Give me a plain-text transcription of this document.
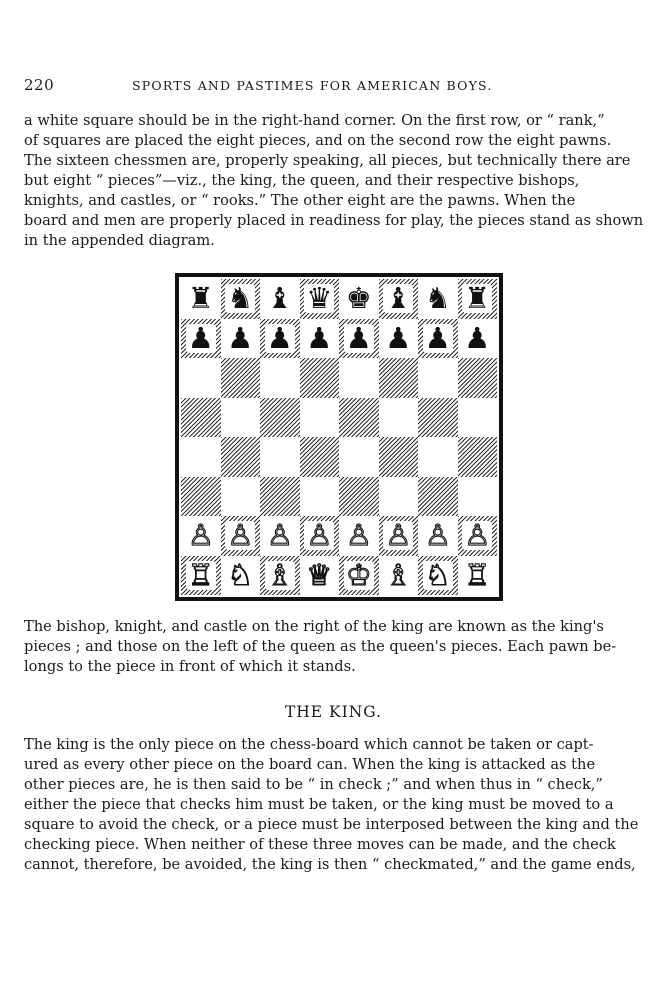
220	SPORTS AND PASTIMES FOR AMERICAN BOYS.

a white square should be in the right-hand corner. On the first row, or “ rank,”
of squares are placed the eight pieces, and on the second row the eight pawns.
The sixteen chessmen are, properly speaking, all pieces, but technically there are
but eight “ pieces”—viz., the king, the queen, and their respective bishops,
knights, and castles, or “ rooks.” The other eight are the pawns. When the
board and men are properly placed in readiness for play, the pieces stand as shown
in the appended diagram.

♜ ♞ ♝ ♛ ♚ ♝ ♞ ♜
♟ ♟ ♟ ♟ ♟ ♟ ♟ ♟
♙ ♙ ♙ ♙ ♙ ♙ ♙ ♙
♖ ♘ ♗ ♕ ♔ ♗ ♘ ♖

The bishop, knight, and castle on the right of the king are known as the king's
pieces ; and those on the left of the queen as the queen's pieces. Each pawn be-
longs to the piece in front of which it stands.

THE KING.

The king is the only piece on the chess-board which cannot be taken or capt-
ured as every other piece on the board can. When the king is attacked as the
other pieces are, he is then said to be “ in check ;” and when thus in “ check,”
either the piece that checks him must be taken, or the king must be moved to a
square to avoid the check, or a piece must be interposed between the king and the
checking piece. When neither of these three moves can be made, and the check
cannot, therefore, be avoided, the king is then “ checkmated,” and the game ends,
